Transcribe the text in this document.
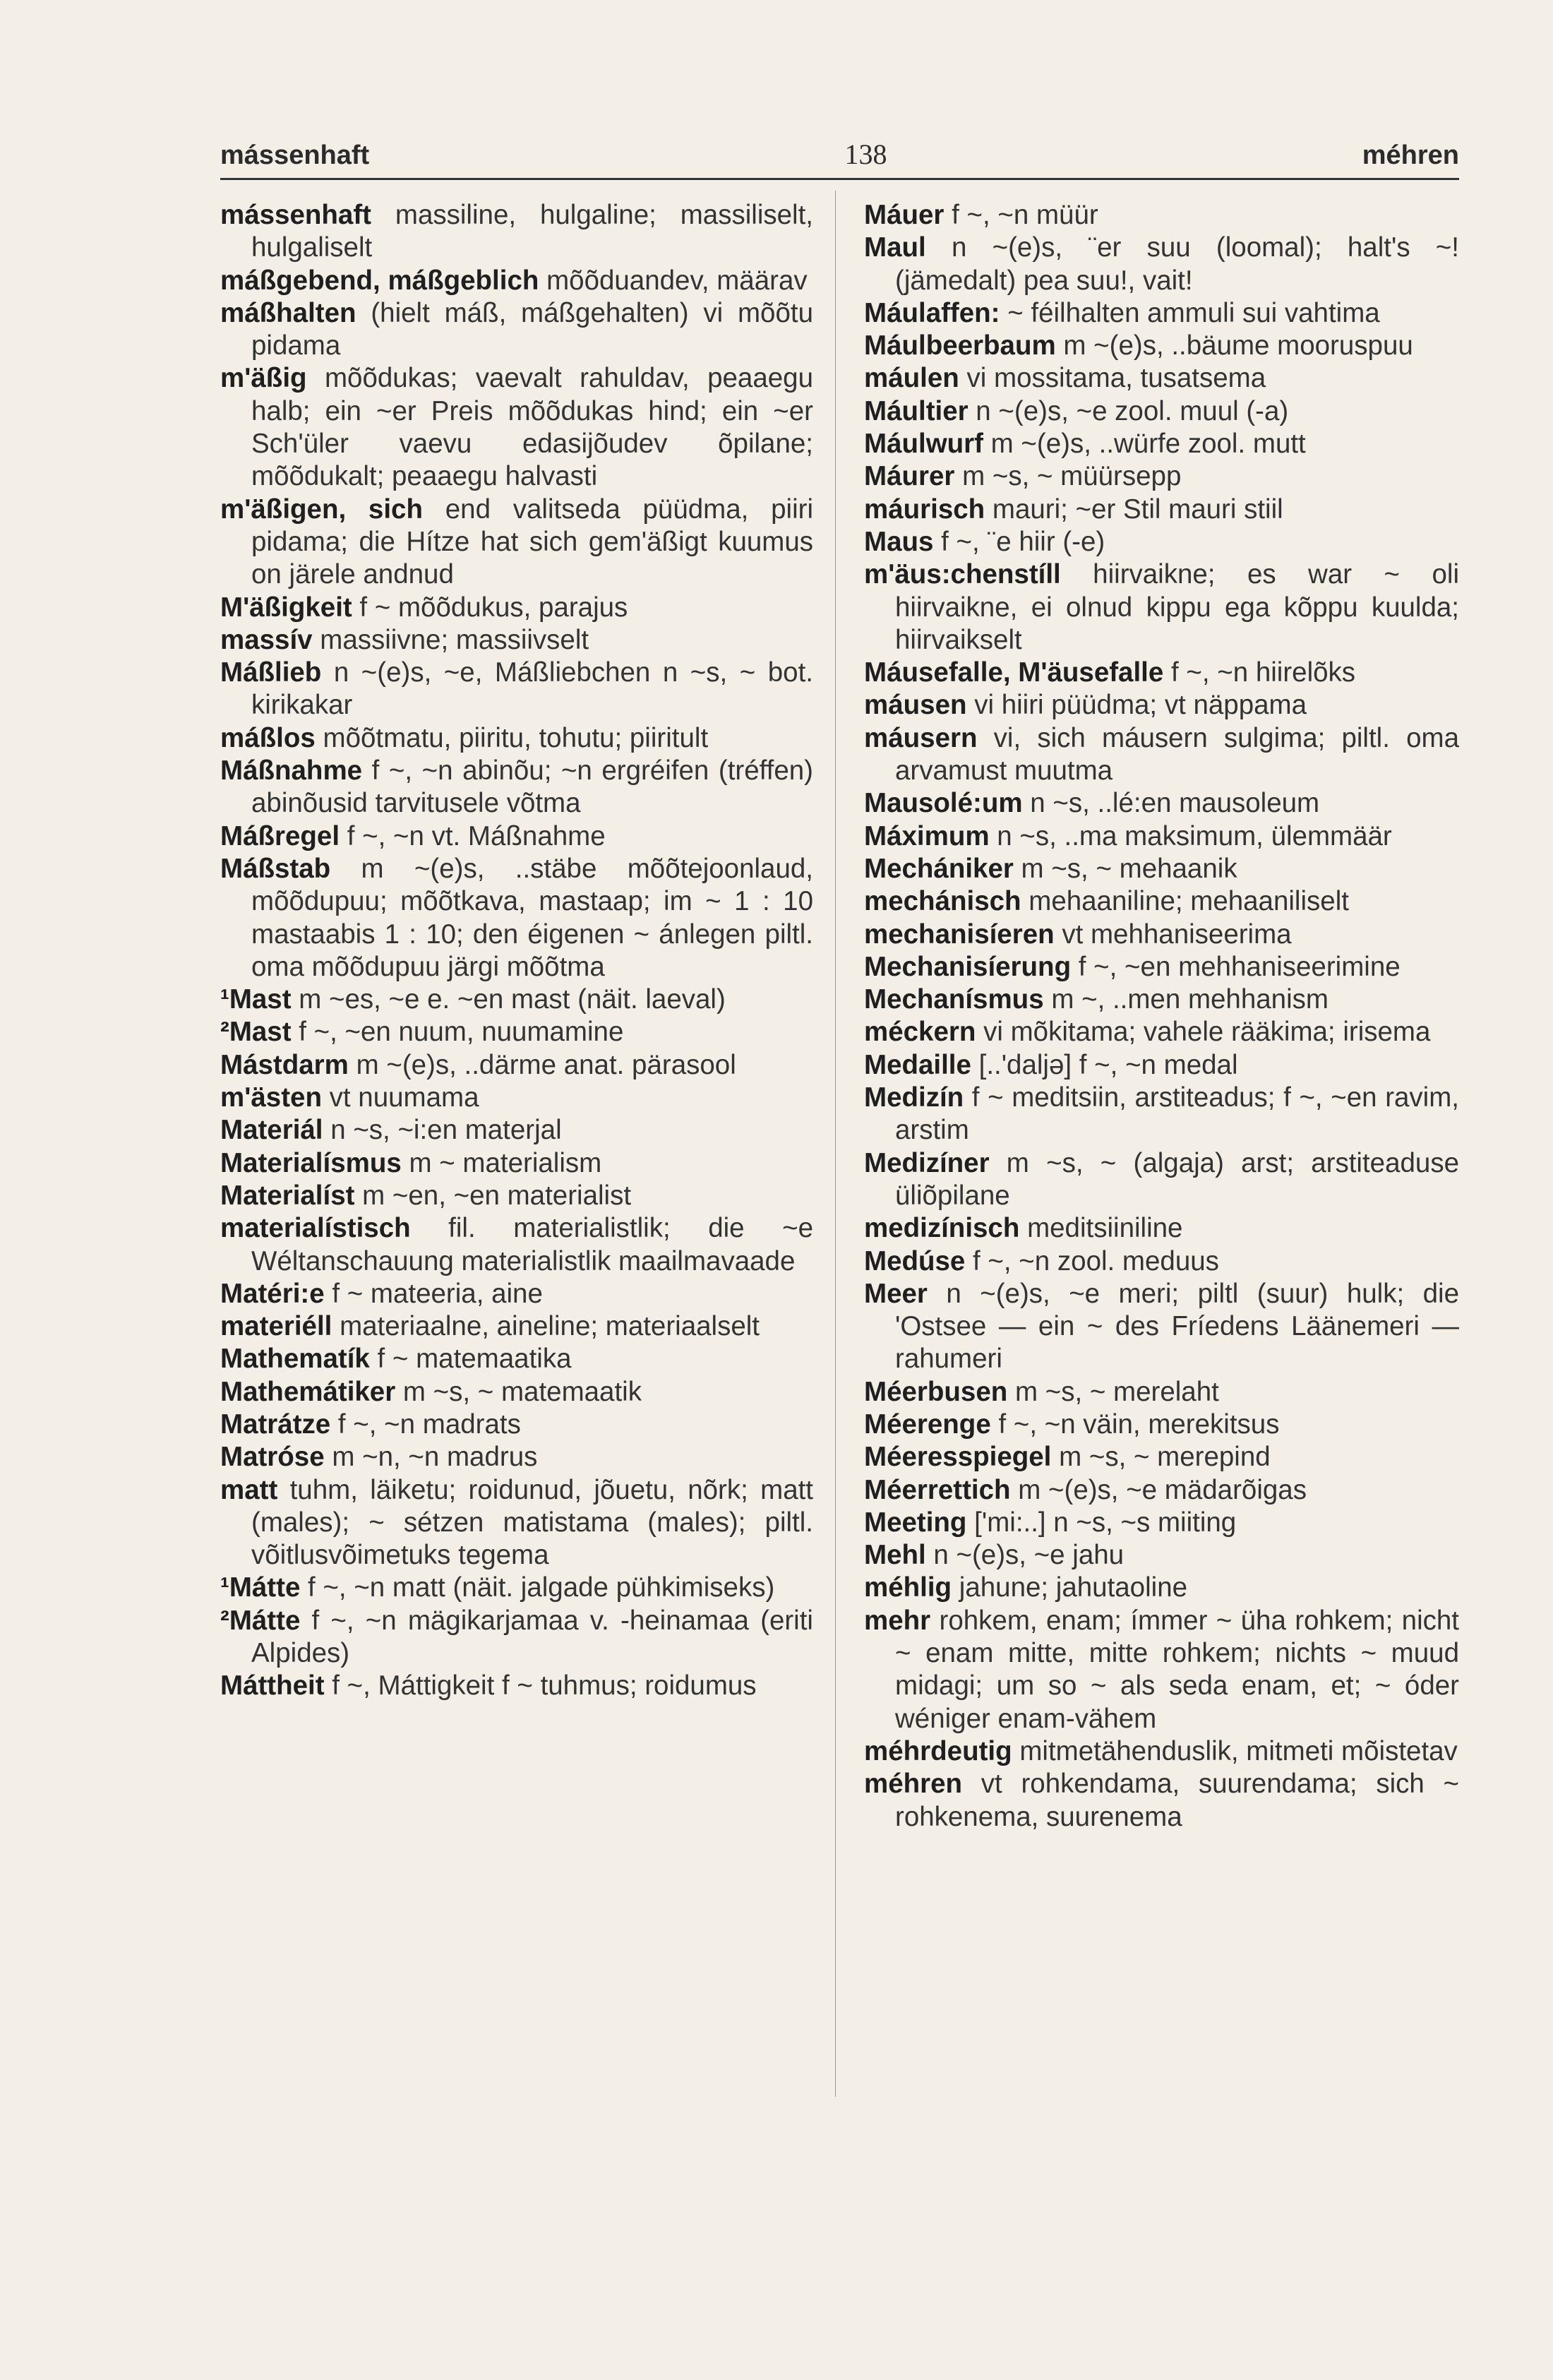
mássenhaft	138	méhren

mássenhaft massiline, hulgaline; massiliselt, hulgaliselt

máßgebend, máßgeblich mõõduandev, määrav

máßhalten (hielt máß, máßgehalten) vi mõõtu pidama

m'äßig mõõdukas; vaevalt rahuldav, peaaegu halb; ein ~er Preis mõõdukas hind; ein ~er Sch'üler vaevu edasijõudev õpilane; mõõdukalt; peaaegu halvasti

m'äßigen, sich end valitseda püüdma, piiri pidama; die Hítze hat sich gem'äßigt kuumus on järele andnud

M'äßigkeit f ~ mõõdukus, parajus

massív massiivne; massiivselt

Máßlieb n ~(e)s, ~e, Máßliebchen n ~s, ~ bot. kirikakar

máßlos mõõtmatu, piiritu, tohutu; piiritult

Máßnahme f ~, ~n abinõu; ~n ergréifen (tréffen) abinõusid tarvitusele võtma

Máßregel f ~, ~n vt. Máßnahme

Máßstab m ~(e)s, ..stäbe mõõtejoonlaud, mõõdupuu; mõõtkava, mastaap; im ~ 1 : 10 mastaabis 1 : 10; den éigenen ~ ánlegen piltl. oma mõõdupuu järgi mõõtma

¹Mast m ~es, ~e e. ~en mast (näit. laeval)

²Mast f ~, ~en nuum, nuumamine

Mástdarm m ~(e)s, ..därme anat. pärasool

m'ästen vt nuumama

Materiál n ~s, ~i:en materjal

Materialísmus m ~ materialism

Materialíst m ~en, ~en materialist

materialístisch fil. materialistlik; die ~e Wéltanschauung materialistlik maailmavaade

Matéri:e f ~ mateeria, aine

materiéll materiaalne, aineline; materiaalselt

Mathematík f ~ matemaatika

Mathemátiker m ~s, ~ matemaatik

Matrátze f ~, ~n madrats

Matróse m ~n, ~n madrus

matt tuhm, läiketu; roidunud, jõuetu, nõrk; matt (males); ~ sétzen matistama (males); piltl. võitlusvõimetuks tegema

¹Mátte f ~, ~n matt (näit. jalgade pühkimiseks)

²Mátte f ~, ~n mägikarjamaa v. -heinamaa (eriti Alpides)

Máttheit f ~, Máttigkeit f ~ tuhmus; roidumus

Máuer f ~, ~n müür

Maul n ~(e)s, ¨er suu (loomal); halt's ~! (jämedalt) pea suu!, vait!

Máulaffen: ~ féilhalten ammuli sui vahtima

Máulbeerbaum m ~(e)s, ..bäume mooruspuu

máulen vi mossitama, tusatsema

Máultier n ~(e)s, ~e zool. muul (-a)

Máulwurf m ~(e)s, ..würfe zool. mutt

Máurer m ~s, ~ müürsepp

máurisch mauri; ~er Stil mauri stiil

Maus f ~, ¨e hiir (-e)

m'äus:chenstíll hiirvaikne; es war ~ oli hiirvaikne, ei olnud kippu ega kõppu kuulda; hiirvaikselt

Máusefalle, M'äusefalle f ~, ~n hiirelõks

máusen vi hiiri püüdma; vt näppama

máusern vi, sich máusern sulgima; piltl. oma arvamust muutma

Mausolé:um n ~s, ..lé:en mausoleum

Máximum n ~s, ..ma maksimum, ülemmäär

Mechániker m ~s, ~ mehaanik

mechánisch mehaaniline; mehaaniliselt

mechanisíeren vt mehhaniseerima

Mechanisíerung f ~, ~en mehhaniseerimine

Mechanísmus m ~, ..men mehhanism

méckern vi mõkitama; vahele rääkima; irisema

Medaille [..'daljə] f ~, ~n medal

Medizín f ~ meditsiin, arstiteadus; f ~, ~en ravim, arstim

Medizíner m ~s, ~ (algaja) arst; arstiteaduse üliõpilane

medizínisch meditsiiniline

Medúse f ~, ~n zool. meduus

Meer n ~(e)s, ~e meri; piltl (suur) hulk; die 'Ostsee — ein ~ des Fríedens Läänemeri — rahumeri

Méerbusen m ~s, ~ merelaht

Méerenge f ~, ~n väin, merekitsus

Méeresspiegel m ~s, ~ merepind

Méerrettich m ~(e)s, ~e mädarõigas

Meeting ['mi:..] n ~s, ~s miiting

Mehl n ~(e)s, ~e jahu

méhlig jahune; jahutaoline

mehr rohkem, enam; ímmer ~ üha rohkem; nicht ~ enam mitte, mitte rohkem; nichts ~ muud midagi; um so ~ als seda enam, et; ~ óder wéniger enam-vähem

méhrdeutig mitmetähenduslik, mitmeti mõistetav

méhren vt rohkendama, suurendama; sich ~ rohkenema, suurenema
